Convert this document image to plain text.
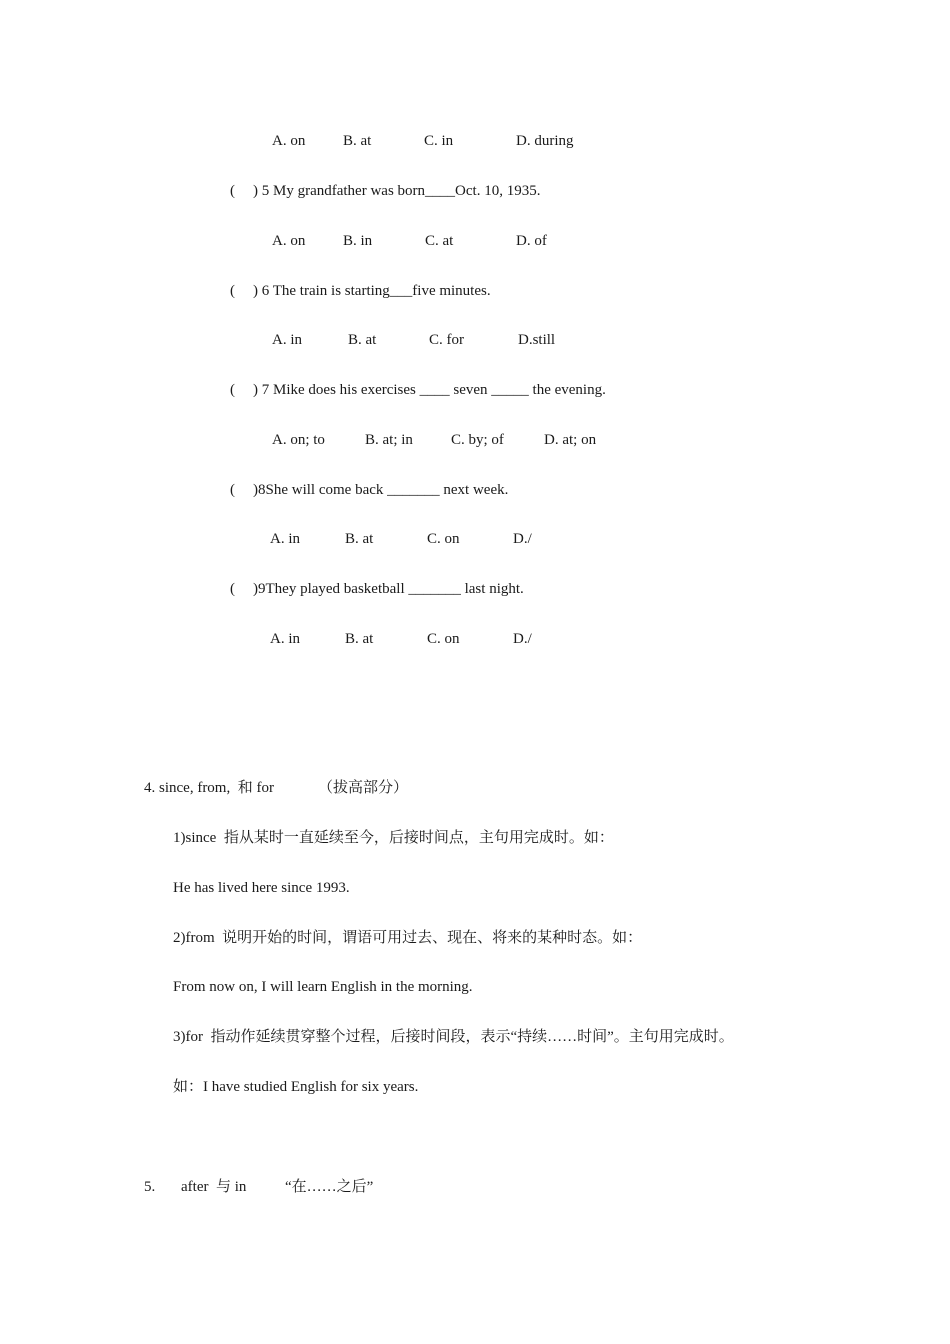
A. on	B. at	C. in	D. during
( ) 5 My grandfather was born____Oct. 10, 1935.
A. on	B. in	C. at	D. of
( ) 6 The train is starting___five minutes.
A. in	B. at	C. for	D.still
( ) 7 Mike does his exercises ____ seven _____ the evening.
A. on; to	B. at; in	C. by; of	D. at; on
( )8She will come back _______ next week.
A. in	B. at	C. on	D./
( )9They played basketball _______ last night.
A. in	B. at	C. on	D./
4. since, from,  和 for	（拔高部分）
1)since  指从某时一直延续至今，后接时间点，主句用完成时。如：
He has lived here since 1993.
2)from  说明开始的时间，谓语可用过去、现在、将来的某种时态。如：
From now on, I will learn English in the morning.
3)for  指动作延续贯穿整个过程，后接时间段，表示“持续……时间”。主句用完成时。
如：I have studied English for six years.
5. after  与 in	“在……之后”
